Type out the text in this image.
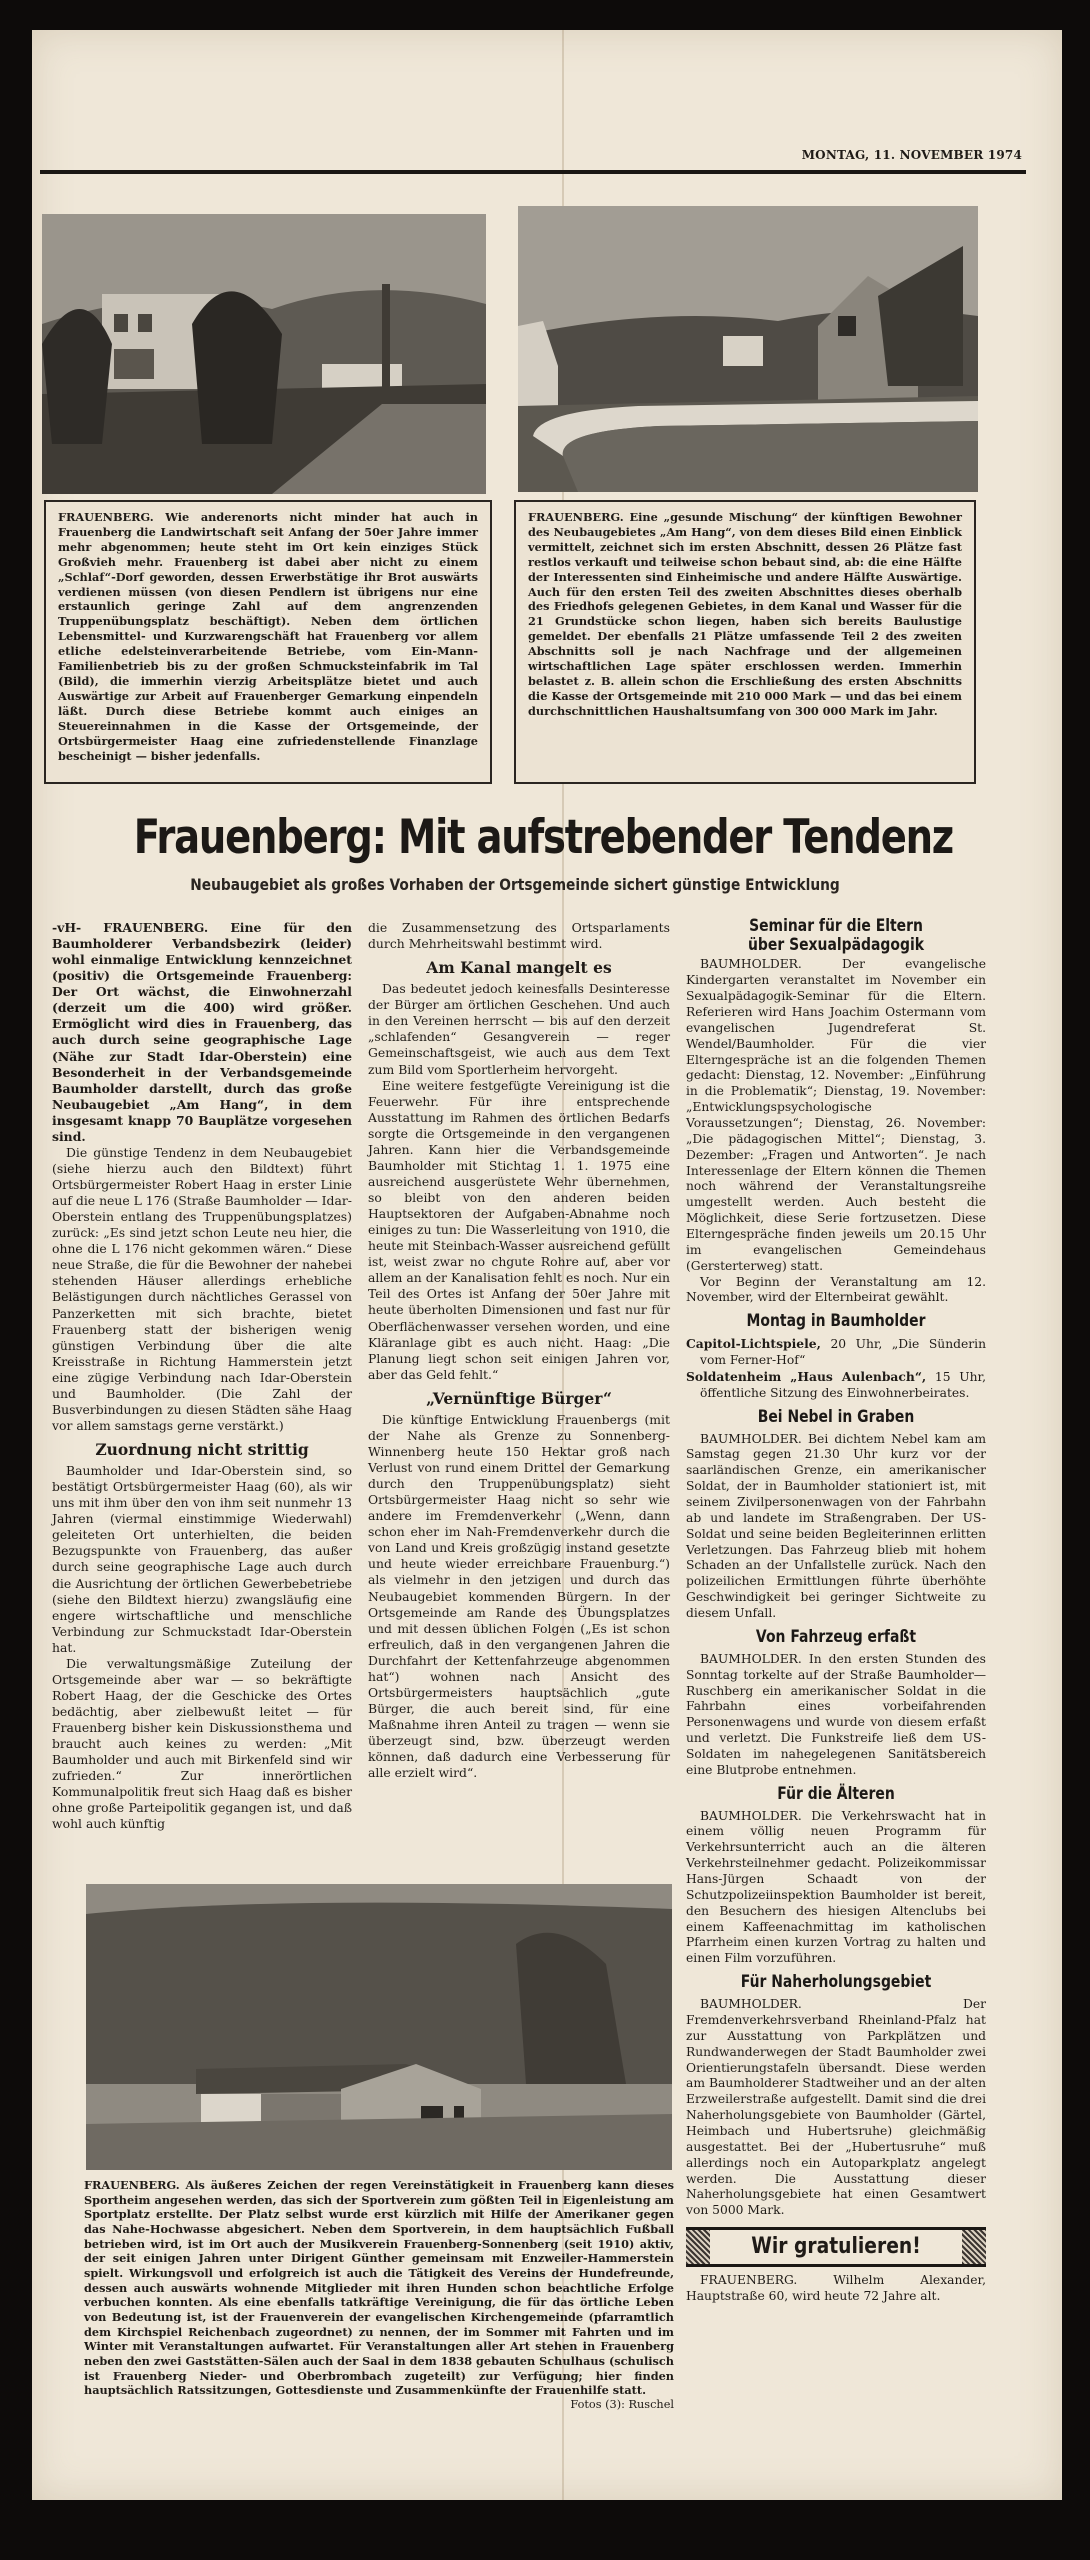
MONTAG, 11. NOVEMBER 1974
FRAUENBERG. Wie anderenorts nicht minder hat auch in Frauenberg die Landwirtschaft seit Anfang der 50er Jahre immer mehr abgenommen; heute steht im Ort kein einziges Stück Großvieh mehr. Frauenberg ist dabei aber nicht zu einem „Schlaf“-Dorf geworden, dessen Erwerbstätige ihr Brot auswärts verdienen müssen (von diesen Pendlern ist übrigens nur eine erstaunlich geringe Zahl auf dem angrenzenden Truppenübungsplatz beschäftigt). Neben dem örtlichen Lebensmittel- und Kurzwarengschäft hat Frauenberg vor allem etliche edelsteinverarbeitende Betriebe, vom Ein-Mann-Familienbetrieb bis zu der großen Schmucksteinfabrik im Tal (Bild), die immerhin vierzig Arbeitsplätze bietet und auch Auswärtige zur Arbeit auf Frauenberger Gemarkung einpendeln läßt. Durch diese Betriebe kommt auch einiges an Steuereinnahmen in die Kasse der Ortsgemeinde, der Ortsbürgermeister Haag eine zufriedenstellende Finanzlage bescheinigt — bisher jedenfalls.
FRAUENBERG. Eine „gesunde Mischung“ der künftigen Bewohner des Neubaugebietes „Am Hang“, von dem dieses Bild einen Einblick vermittelt, zeichnet sich im ersten Abschnitt, dessen 26 Plätze fast restlos verkauft und teilweise schon bebaut sind, ab: die eine Hälfte der Interessenten sind Einheimische und andere Hälfte Auswärtige. Auch für den ersten Teil des zweiten Abschnittes dieses oberhalb des Friedhofs gelegenen Gebietes, in dem Kanal und Wasser für die 21 Grundstücke schon liegen, haben sich bereits Baulustige gemeldet. Der ebenfalls 21 Plätze umfassende Teil 2 des zweiten Abschnitts soll je nach Nachfrage und der allgemeinen wirtschaftlichen Lage später erschlossen werden. Immerhin belastet z. B. allein schon die Erschließung des ersten Abschnitts die Kasse der Ortsgemeinde mit 210 000 Mark — und das bei einem durchschnittlichen Haushaltsumfang von 300 000 Mark im Jahr.
Frauenberg: Mit aufstrebender Tendenz
Neubaugebiet als großes Vorhaben der Ortsgemeinde sichert günstige Entwicklung

-vH- FRAUENBERG. Eine für den Baumholderer Verbandsbezirk (leider) wohl einmalige Entwicklung kennzeichnet (positiv) die Ortsgemeinde Frauenberg: Der Ort wächst, die Einwohnerzahl (derzeit um die 400) wird größer. Ermöglicht wird dies in Frauenberg, das auch durch seine geographische Lage (Nähe zur Stadt Idar-Oberstein) eine Besonderheit in der Verbandsgemeinde Baumholder darstellt, durch das große Neubaugebiet „Am Hang“, in dem insgesamt knapp 70 Bauplätze vorgesehen sind.

Die günstige Tendenz in dem Neubaugebiet (siehe hierzu auch den Bildtext) führt Ortsbürgermeister Robert Haag in erster Linie auf die neue L 176 (Straße Baumholder — Idar-Oberstein entlang des Truppenübungsplatzes) zurück: „Es sind jetzt schon Leute neu hier, die ohne die L 176 nicht gekommen wären.“ Diese neue Straße, die für die Bewohner der nahebei stehenden Häuser allerdings erhebliche Belästigungen durch nächtliches Gerassel von Panzerketten mit sich brachte, bietet Frauenberg statt der bisherigen wenig günstigen Verbindung über die alte Kreisstraße in Richtung Hammerstein jetzt eine zügige Verbindung nach Idar-Oberstein und Baumholder. (Die Zahl der Busverbindungen zu diesen Städten sähe Haag vor allem samstags gerne verstärkt.)

Zuordnung nicht strittig

Baumholder und Idar-Oberstein sind, so bestätigt Ortsbürgermeister Haag (60), als wir uns mit ihm über den von ihm seit nunmehr 13 Jahren (viermal einstimmige Wiederwahl) geleiteten Ort unterhielten, die beiden Bezugspunkte von Frauenberg, das außer durch seine geographische Lage auch durch die Ausrichtung der örtlichen Gewerbebetriebe (siehe den Bildtext hierzu) zwangsläufig eine engere wirtschaftliche und menschliche Verbindung zur Schmuckstadt Idar-Oberstein hat.

Die verwaltungsmäßige Zuteilung der Ortsgemeinde aber war — so bekräftigte Robert Haag, der die Geschicke des Ortes bedächtig, aber zielbewußt leitet — für Frauenberg bisher kein Diskussionsthema und braucht auch keines zu werden: „Mit Baumholder und auch mit Birkenfeld sind wir zufrieden.“ Zur innerörtlichen Kommunalpolitik freut sich Haag daß es bisher ohne große Parteipolitik gegangen ist, und daß wohl auch künftig

die Zusammensetzung des Ortsparlaments durch Mehrheitswahl bestimmt wird.

Am Kanal mangelt es

Das bedeutet jedoch keinesfalls Desinteresse der Bürger am örtlichen Geschehen. Und auch in den Vereinen herrscht — bis auf den derzeit „schlafenden“ Gesangverein — reger Gemeinschaftsgeist, wie auch aus dem Text zum Bild vom Sportlerheim hervorgeht.

Eine weitere festgefügte Vereinigung ist die Feuerwehr. Für ihre entsprechende Ausstattung im Rahmen des örtlichen Bedarfs sorgte die Ortsgemeinde in den vergangenen Jahren. Kann hier die Verbandsgemeinde Baumholder mit Stichtag 1. 1. 1975 eine ausreichend ausgerüstete Wehr übernehmen, so bleibt von den anderen beiden Hauptsektoren der Aufgaben-Abnahme noch einiges zu tun: Die Wasserleitung von 1910, die heute mit Steinbach-Wasser ausreichend gefüllt ist, weist zwar no chgute Rohre auf, aber vor allem an der Kanalisation fehlt es noch. Nur ein Teil des Ortes ist Anfang der 50er Jahre mit heute überholten Dimensionen und fast nur für Oberflächenwasser versehen worden, und eine Kläranlage gibt es auch nicht. Haag: „Die Planung liegt schon seit einigen Jahren vor, aber das Geld fehlt.“

„Vernünftige Bürger“

Die künftige Entwicklung Frauenbergs (mit der Nahe als Grenze zu Sonnenberg-Winnenberg heute 150 Hektar groß nach Verlust von rund einem Drittel der Gemarkung durch den Truppenübungsplatz) sieht Ortsbürgermeister Haag nicht so sehr wie andere im Fremdenverkehr („Wenn, dann schon eher im Nah-Fremdenverkehr durch die von Land und Kreis großzügig instand gesetzte und heute wieder erreichbare Frauenburg.“) als vielmehr in den jetzigen und durch das Neubaugebiet kommenden Bürgern. In der Ortsgemeinde am Rande des Übungsplatzes und mit dessen üblichen Folgen („Es ist schon erfreulich, daß in den vergangenen Jahren die Durchfahrt der Kettenfahrzeuge abgenommen hat“) wohnen nach Ansicht des Ortsbürgermeisters hauptsächlich „gute Bürger, die auch bereit sind, für eine Maßnahme ihren Anteil zu tragen — wenn sie überzeugt sind, bzw. überzeugt werden können, daß dadurch eine Verbesserung für alle erzielt wird“.

FRAUENBERG. Als äußeres Zeichen der regen Vereinstätigkeit in Frauenberg kann dieses Sportheim angesehen werden, das sich der Sportverein zum gößten Teil in Eigenleistung am Sportplatz erstellte. Der Platz selbst wurde erst kürzlich mit Hilfe der Amerikaner gegen das Nahe-Hochwasse abgesichert. Neben dem Sportverein, in dem hauptsächlich Fußball betrieben wird, ist im Ort auch der Musikverein Frauenberg-Sonnenberg (seit 1910) aktiv, der seit einigen Jahren unter Dirigent Günther gemeinsam mit Enzweiler-Hammerstein spielt. Wirkungsvoll und erfolgreich ist auch die Tätigkeit des Vereins der Hundefreunde, dessen auch auswärts wohnende Mitglieder mit ihren Hunden schon beachtliche Erfolge verbuchen konnten. Als eine ebenfalls tatkräftige Vereinigung, die für das örtliche Leben von Bedeutung ist, ist der Frauenverein der evangelischen Kirchengemeinde (pfarramtlich dem Kirchspiel Reichenbach zugeordnet) zu nennen, der im Sommer mit Fahrten und im Winter mit Veranstaltungen aufwartet. Für Veranstaltungen aller Art stehen in Frauenberg neben den zwei Gaststätten-Sälen auch der Saal in dem 1838 gebauten Schulhaus (schulisch ist Frauenberg Nieder- und Oberbrombach zugeteilt) zur Verfügung; hier finden hauptsächlich Ratssitzungen, Gottesdienste und Zusammenkünfte der Frauenhilfe statt.
Fotos (3): Ruschel
Seminar für die Eltern
über Sexualpädagogik

BAUMHOLDER. Der evangelische Kindergarten veranstaltet im November ein Sexualpädagogik-Seminar für die Eltern. Referieren wird Hans Joachim Ostermann vom evangelischen Jugendreferat St. Wendel/Baumholder. Für die vier Elterngespräche ist an die folgenden Themen gedacht: Dienstag, 12. November: „Einführung in die Problematik“; Dienstag, 19. November: „Entwicklungspsychologische Voraussetzungen“; Dienstag, 26. November: „Die pädagogischen Mittel“; Dienstag, 3. Dezember: „Fragen und Antworten“. Je nach Interessenlage der Eltern können die Themen noch während der Veranstaltungsreihe umgestellt werden. Auch besteht die Möglichkeit, diese Serie fortzusetzen. Diese Elterngespräche finden jeweils um 20.15 Uhr im evangelischen Gemeindehaus (Gersterterweg) statt.

Vor Beginn der Veranstaltung am 12. November, wird der Elternbeirat gewählt.

Montag in Baumholder

Capitol-Lichtspiele, 20 Uhr, „Die Sünderin vom Ferner-Hof“

Soldatenheim „Haus Aulenbach“, 15 Uhr, öffentliche Sitzung des Einwohnerbeirates.

Bei Nebel in Graben

BAUMHOLDER. Bei dichtem Nebel kam am Samstag gegen 21.30 Uhr kurz vor der saarländischen Grenze, ein amerikanischer Soldat, der in Baumholder stationiert ist, mit seinem Zivilpersonenwagen von der Fahrbahn ab und landete im Straßengraben. Der US-Soldat und seine beiden Begleiterinnen erlitten Verletzungen. Das Fahrzeug blieb mit hohem Schaden an der Unfallstelle zurück. Nach den polizeilichen Ermittlungen führte überhöhte Geschwindigkeit bei geringer Sichtweite zu diesem Unfall.

Von Fahrzeug erfaßt

BAUMHOLDER. In den ersten Stunden des Sonntag torkelte auf der Straße Baumholder—Ruschberg ein amerikanischer Soldat in die Fahrbahn eines vorbeifahrenden Personenwagens und wurde von diesem erfaßt und verletzt. Die Funkstreife ließ dem US-Soldaten im nahegelegenen Sanitätsbereich eine Blutprobe entnehmen.

Für die Älteren

BAUMHOLDER. Die Verkehrswacht hat in einem völlig neuen Programm für Verkehrsunterricht auch an die älteren Verkehrsteilnehmer gedacht. Polizeikommissar Hans-Jürgen Schaadt von der Schutzpolizeiinspektion Baumholder ist bereit, den Besuchern des hiesigen Altenclubs bei einem Kaffeenachmittag im katholischen Pfarrheim einen kurzen Vortrag zu halten und einen Film vorzuführen.

Für Naherholungsgebiet

BAUMHOLDER. Der Fremdenverkehrsverband Rheinland-Pfalz hat zur Ausstattung von Parkplätzen und Rundwanderwegen der Stadt Baumholder zwei Orientierungstafeln übersandt. Diese werden am Baumholderer Stadtweiher und an der alten Erzweilerstraße aufgestellt. Damit sind die drei Naherholungsgebiete von Baumholder (Gärtel, Heimbach und Hubertsruhe) gleichmäßig ausgestattet. Bei der „Hubertusruhe“ muß allerdings noch ein Autoparkplatz angelegt werden. Die Ausstattung dieser Naherholungsgebiete hat einen Gesamtwert von 5000 Mark.

Wir gratulieren!

FRAUENBERG. Wilhelm Alexander, Hauptstraße 60, wird heute 72 Jahre alt.
